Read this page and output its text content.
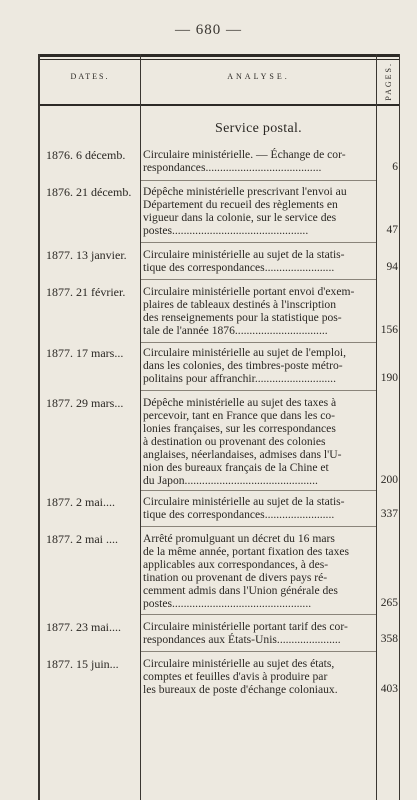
— 680 —
DATES.	ANALYSE.	PAGES.
Service postal.
1876. 6 décemb.	Circulaire ministérielle. — Échange de cor-
respondances........................................	6
1876. 21 décemb.	Dépêche ministérielle prescrivant l'envoi au
Département du recueil des règlements en
vigueur dans la colonie, sur le service des
postes...............................................	47
1877. 13 janvier.	Circulaire ministérielle au sujet de la statis-
tique des correspondances........................	94
1877. 21 février.	Circulaire ministérielle portant envoi d'exem-
plaires de tableaux destinés à l'inscription
des renseignements pour la statistique pos-
tale de l'année 1876................................	156
1877. 17 mars...	Circulaire ministérielle au sujet de l'emploi,
dans les colonies, des timbres-poste métro-
politains pour affranchir............................	190
1877. 29 mars...	Dépêche ministérielle au sujet des taxes à
percevoir, tant en France que dans les co-
lonies françaises, sur les correspondances
à destination ou provenant des colonies
anglaises, néerlandaises, admises dans l'U-
nion des bureaux français de la Chine et
du Japon..............................................	200
1877. 2 mai....	Circulaire ministérielle au sujet de la statis-
tique des correspondances........................	337
1877. 2 mai ....	Arrêté promulguant un décret du 16 mars
de la même année, portant fixation des taxes
applicables aux correspondances, à des-
tination ou provenant de divers pays ré-
cemment admis dans l'Union générale des
postes................................................	265
1877. 23 mai....	Circulaire ministérielle portant tarif des cor-
respondances aux États-Unis......................	358
1877. 15 juin...	Circulaire ministérielle au sujet des états,
comptes et feuilles d'avis à produire par
les bureaux de poste d'échange coloniaux.	403
